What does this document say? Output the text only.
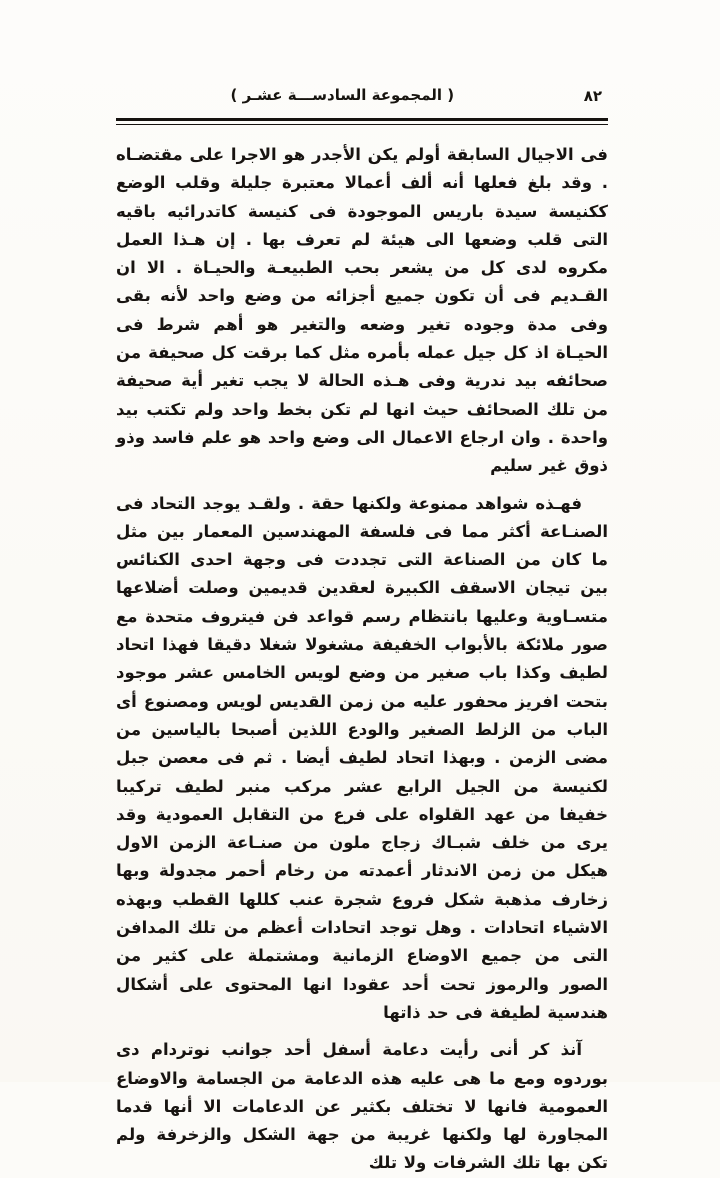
( المجموعة السادســـة عشـر )	٨٢

فى الاجيال السابقة أولم يكن الأجدر هو الاجرا على مقتضـاه . وقد بلغ فعلها أنه ألف أعمالا معتبرة جليلة وقلب الوضع ككنيسة سيدة باريس الموجودة فى كنيسة كاتدرائيه باقيه التى قلب وضعها الى هيئة لم تعرف بها . إن هـذا العمل مكروه لدى كل من يشعر بحب الطبيعـة والحيـاة . الا ان القـديم فى أن تكون جميع أجزائه من وضع واحد لأنه بقى وفى مدة وجوده تغير وضعه والتغير هو أهم شرط فى الحيـاة اذ كل جيل عمله بأمره مثل كما برقت كل صحيفة من صحائفه بيد ندرية وفى هـذه الحالة لا يجب تغير أية صحيفة من تلك الصحائف حيث انها لم تكن بخط واحد ولم تكتب بيد واحدة . وان ارجاع الاعمال الى وضع واحد هو علم فاسد وذو ذوق غير سليم

فهـذه شواهد ممنوعة ولكنها حقة . ولقـد يوجد التحاد فى الصنـاعة أكثر مما فى فلسفة المهندسين المعمار بين مثل ما كان من الصناعة التى تجددت فى وجهة احدى الكنائس بين تيجان الاسقف الكبيرة لعقدين قديمين وصلت أضلاعها متسـاوية وعليها بانتظام رسم قواعد فن فيتروف متحدة مع صور ملائكة بالأبواب الخفيفة مشغولا شغلا دقيقا فهذا اتحاد لطيف وكذا باب صغير من وضع لويس الخامس عشر موجود بتحت افريز محفور عليه من زمن القديس لويس ومصنوع أى الباب من الزلط الصغير والودع اللذين أصبحا بالياسين من مضى الزمن . وبهذا اتحاد لطيف أيضا . ثم فى معصن جبل لكنيسة من الجيل الرابع عشر مركب منبر لطيف تركيبا خفيفا من عهد القلواه على فرع من التقابل العمودية وقد يرى من خلف شبـاك زجاج ملون من صنـاعة الزمن الاول هيكل من زمن الاندثار أعمدته من رخام أحمر مجدولة وبها زخارف مذهبة شكل فروع شجرة عنب كللها القطب وبهذه الاشياء اتحادات . وهل توجد اتحادات أعظم من تلك المدافن التى من جميع الاوضاع الزمانية ومشتملة على كثير من الصور والرموز تحت أحد عقودا انها المحتوى على أشكال هندسية لطيفة فى حد ذاتها

آنذ كر أنى رأيت دعامة أسفل أحد جوانب نوتردام دى بوردوه ومع ما هى عليه هذه الدعامة من الجسامة والاوضاع العمومية فانها لا تختلف بكثير عن الدعامات الا أنها قدما المجاورة لها ولكنها غريبة من جهة الشكل والزخرفة ولم تكن بها تلك الشرفات ولا تلك
